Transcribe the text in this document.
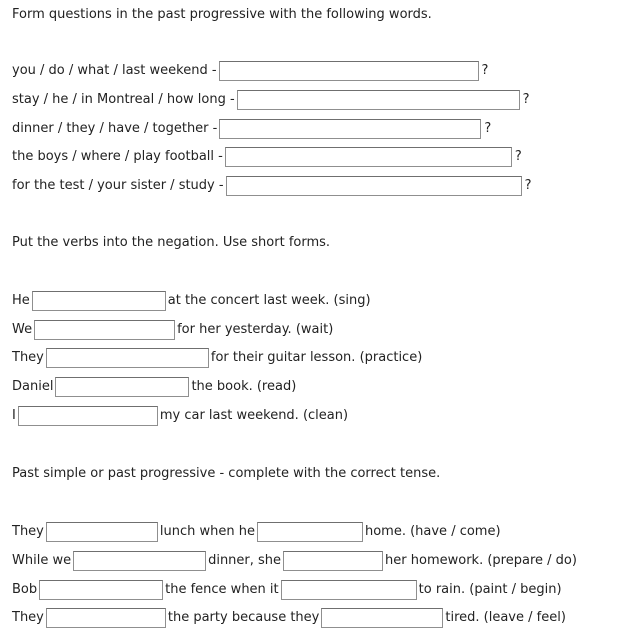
Form questions in the past progressive with the following words.
you / do / what / last weekend -	?
stay / he / in Montreal / how long -	?
dinner / they / have / together -	?
the boys / where / play football -	?
for the test / your sister / study -	?
Put the verbs into the negation. Use short forms.
He	at the concert last week. (sing)
We	for her yesterday. (wait)
They	for their guitar lesson. (practice)
Daniel	the book. (read)
I	my car last weekend. (clean)
Past simple or past progressive - complete with the correct tense.
They	lunch when he	home. (have / come)
While we	dinner, she	her homework. (prepare / do)
Bob	the fence when it	to rain. (paint / begin)
They	the party because they	tired. (leave / feel)
